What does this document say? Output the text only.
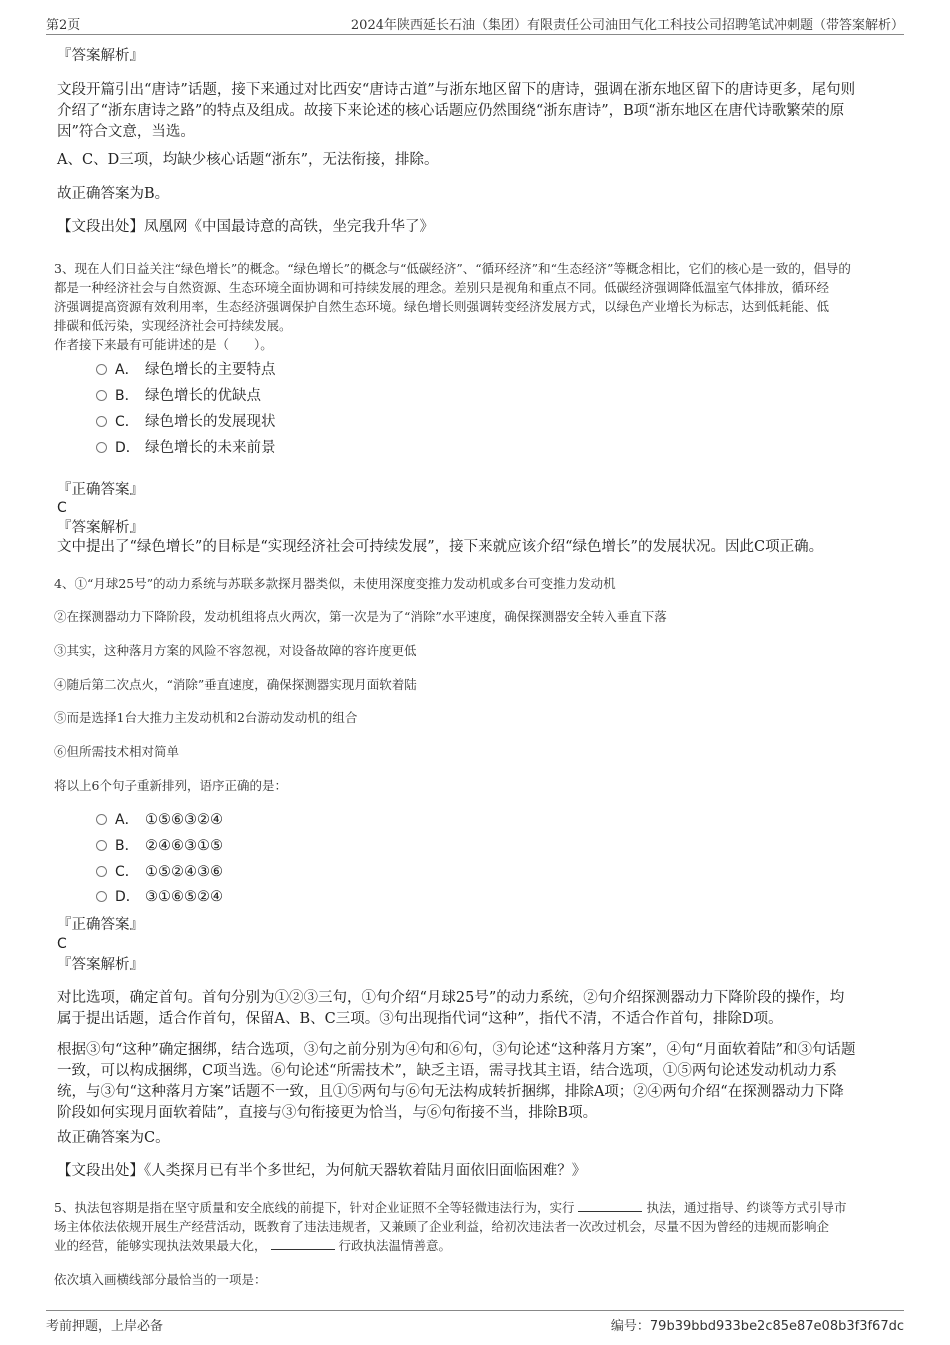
第2页	2024年陕西延长石油（集团）有限责任公司油田气化工科技公司招聘笔试冲刺题（带答案解析）
『答案解析』
文段开篇引出“唐诗”话题，接下来通过对比西安“唐诗古道”与浙东地区留下的唐诗，强调在浙东地区留下的唐诗更多，尾句则
介绍了“浙东唐诗之路”的特点及组成。故接下来论述的核心话题应仍然围绕“浙东唐诗”，B项“浙东地区在唐代诗歌繁荣的原
因”符合文意，当选。
A、C、D三项，均缺少核心话题“浙东”，无法衔接，排除。
故正确答案为B。
【文段出处】凤凰网《中国最诗意的高铁，坐完我升华了》
3、现在人们日益关注“绿色增长”的概念。“绿色增长”的概念与“低碳经济”、“循环经济”和“生态经济”等概念相比，它们的核心是一致的，倡导的
都是一种经济社会与自然资源、生态环境全面协调和可持续发展的理念。差别只是视角和重点不同。低碳经济强调降低温室气体排放，循环经
济强调提高资源有效利用率，生态经济强调保护自然生态环境。绿色增长则强调转变经济发展方式，以绿色产业增长为标志，达到低耗能、低
排碳和低污染，实现经济社会可持续发展。
作者接下来最有可能讲述的是（　　）。
A． 绿色增长的主要特点
B． 绿色增长的优缺点
C． 绿色增长的发展现状
D． 绿色增长的未来前景
『正确答案』
C
『答案解析』
文中提出了“绿色增长”的目标是“实现经济社会可持续发展”，接下来就应该介绍“绿色增长”的发展状况。因此C项正确。
4、①“月球25号”的动力系统与苏联多款探月器类似，未使用深度变推力发动机或多台可变推力发动机
②在探测器动力下降阶段，发动机组将点火两次，第一次是为了“消除”水平速度，确保探测器安全转入垂直下落
③其实，这种落月方案的风险不容忽视，对设备故障的容许度更低
④随后第二次点火，“消除”垂直速度，确保探测器实现月面软着陆
⑤而是选择1台大推力主发动机和2台游动发动机的组合
⑥但所需技术相对简单
将以上6个句子重新排列，语序正确的是：
A． ①⑤⑥③②④
B． ②④⑥③①⑤
C． ①⑤②④③⑥
D． ③①⑥⑤②④
『正确答案』
C
『答案解析』
对比选项，确定首句。首句分别为①②③三句，①句介绍“月球25号”的动力系统，②句介绍探测器动力下降阶段的操作，均
属于提出话题，适合作首句，保留A、B、C三项。③句出现指代词“这种”，指代不清，不适合作首句，排除D项。
根据③句“这种”确定捆绑，结合选项，③句之前分别为④句和⑥句，③句论述“这种落月方案”，④句“月面软着陆”和③句话题
一致，可以构成捆绑，C项当选。⑥句论述“所需技术”，缺乏主语，需寻找其主语，结合选项，①⑤两句论述发动机动力系
统，与③句“这种落月方案”话题不一致，且①⑤两句与⑥句无法构成转折捆绑，排除A项；②④两句介绍“在探测器动力下降
阶段如何实现月面软着陆”，直接与③句衔接更为恰当，与⑥句衔接不当，排除B项。
故正确答案为C。
【文段出处】《人类探月已有半个多世纪，为何航天器软着陆月面依旧面临困难？》
5、执法包容期是指在坚守质量和安全底线的前提下，针对企业证照不全等轻微违法行为，实行	执法，通过指导、约谈等方式引导市
场主体依法依规开展生产经营活动，既教育了违法违规者，又兼顾了企业利益，给初次违法者一次改过机会，尽量不因为曾经的违规而影响企
业的经营，能够实现执法效果最大化，	行政执法温情善意。
依次填入画横线部分最恰当的一项是：
考前押题，上岸必备	编号：79b39bbd933be2c85e87e08b3f3f67dc
